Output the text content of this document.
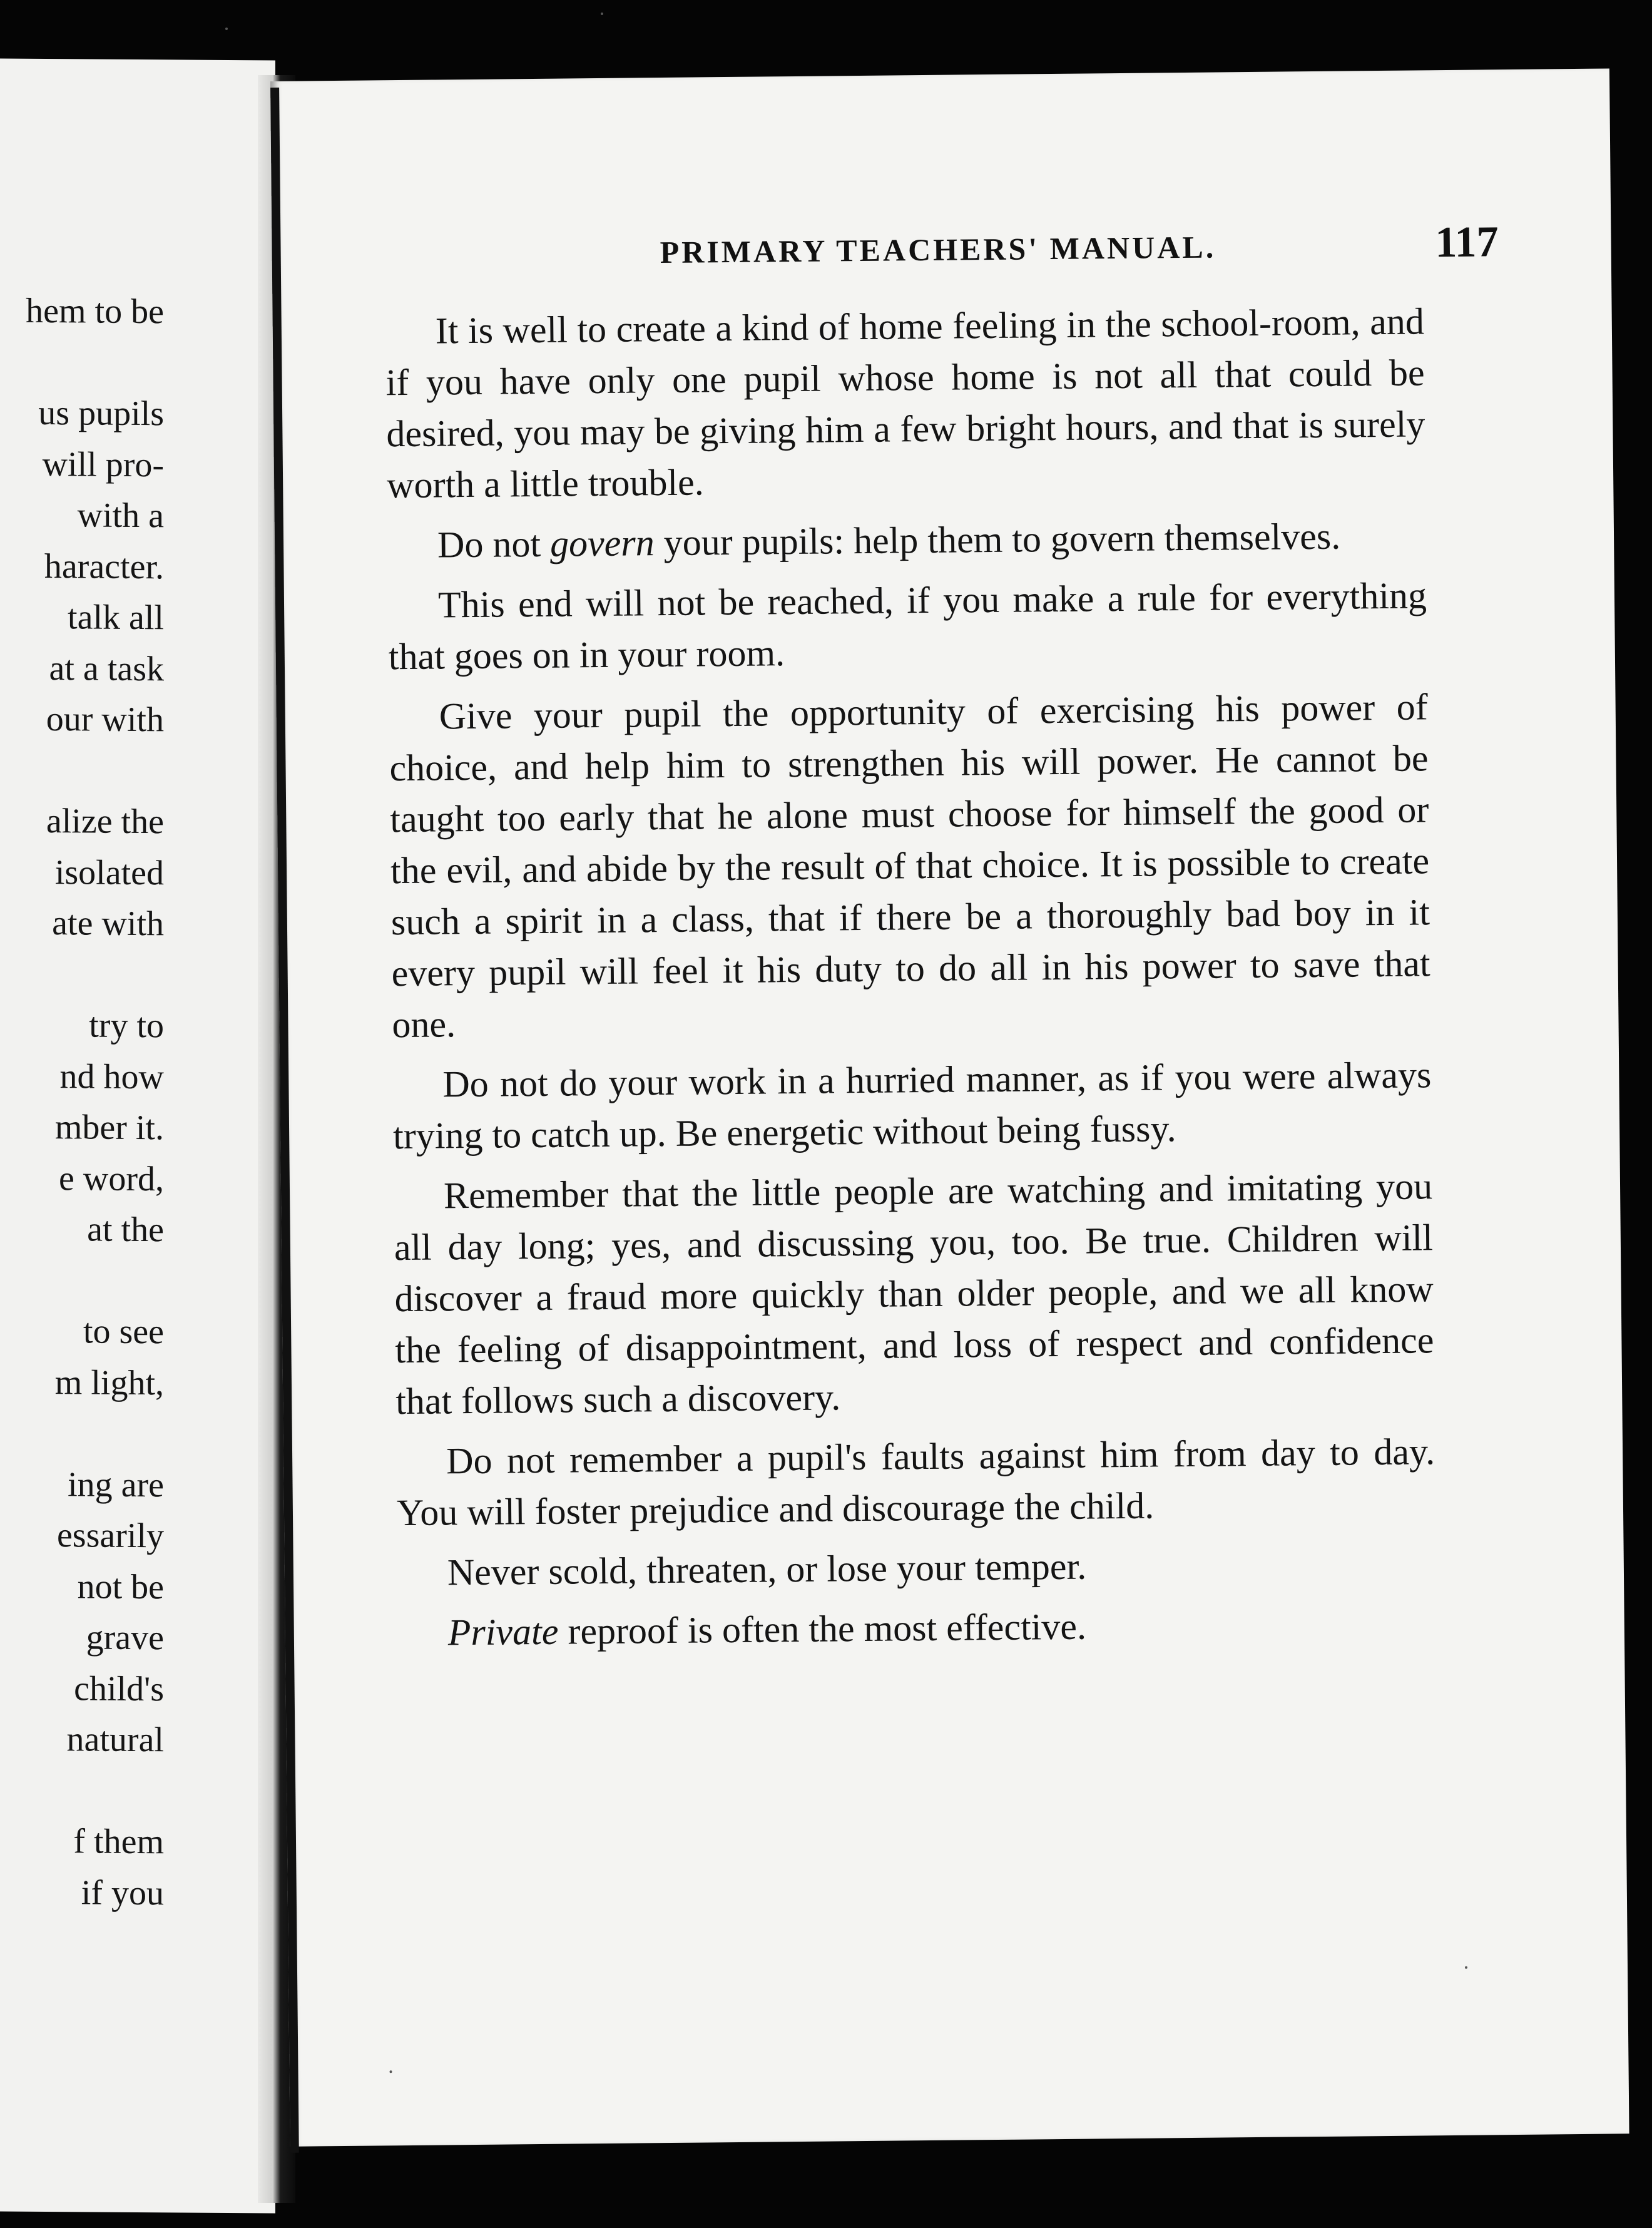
hem to be
us pupils
will pro-
with a
haracter.
talk all
at a task
our with
alize the
isolated
ate with
try to
nd how
mber it.
e word,
at the
to see
m light,
ing are
essarily
not be
grave
child's
natural
f them
if you
PRIMARY TEACHERS' MANUAL.	117

It is well to create a kind of home feeling in the school-room, and if you have only one pupil whose home is not all that could be desired, you may be giving him a few bright hours, and that is surely worth a little trouble.

Do not govern your pupils: help them to govern themselves.

This end will not be reached, if you make a rule for everything that goes on in your room.

Give your pupil the opportunity of exercising his power of choice, and help him to strengthen his will power. He cannot be taught too early that he alone must choose for himself the good or the evil, and abide by the result of that choice. It is possible to create such a spirit in a class, that if there be a thoroughly bad boy in it every pupil will feel it his duty to do all in his power to save that one.

Do not do your work in a hurried manner, as if you were always trying to catch up. Be energetic without being fussy.

Remember that the little people are watching and imitating you all day long; yes, and discussing you, too. Be true. Children will discover a fraud more quickly than older people, and we all know the feeling of disappointment, and loss of respect and confidence that follows such a discovery.

Do not remember a pupil's faults against him from day to day. You will foster prejudice and discourage the child.

Never scold, threaten, or lose your temper.

Private reproof is often the most effective.
